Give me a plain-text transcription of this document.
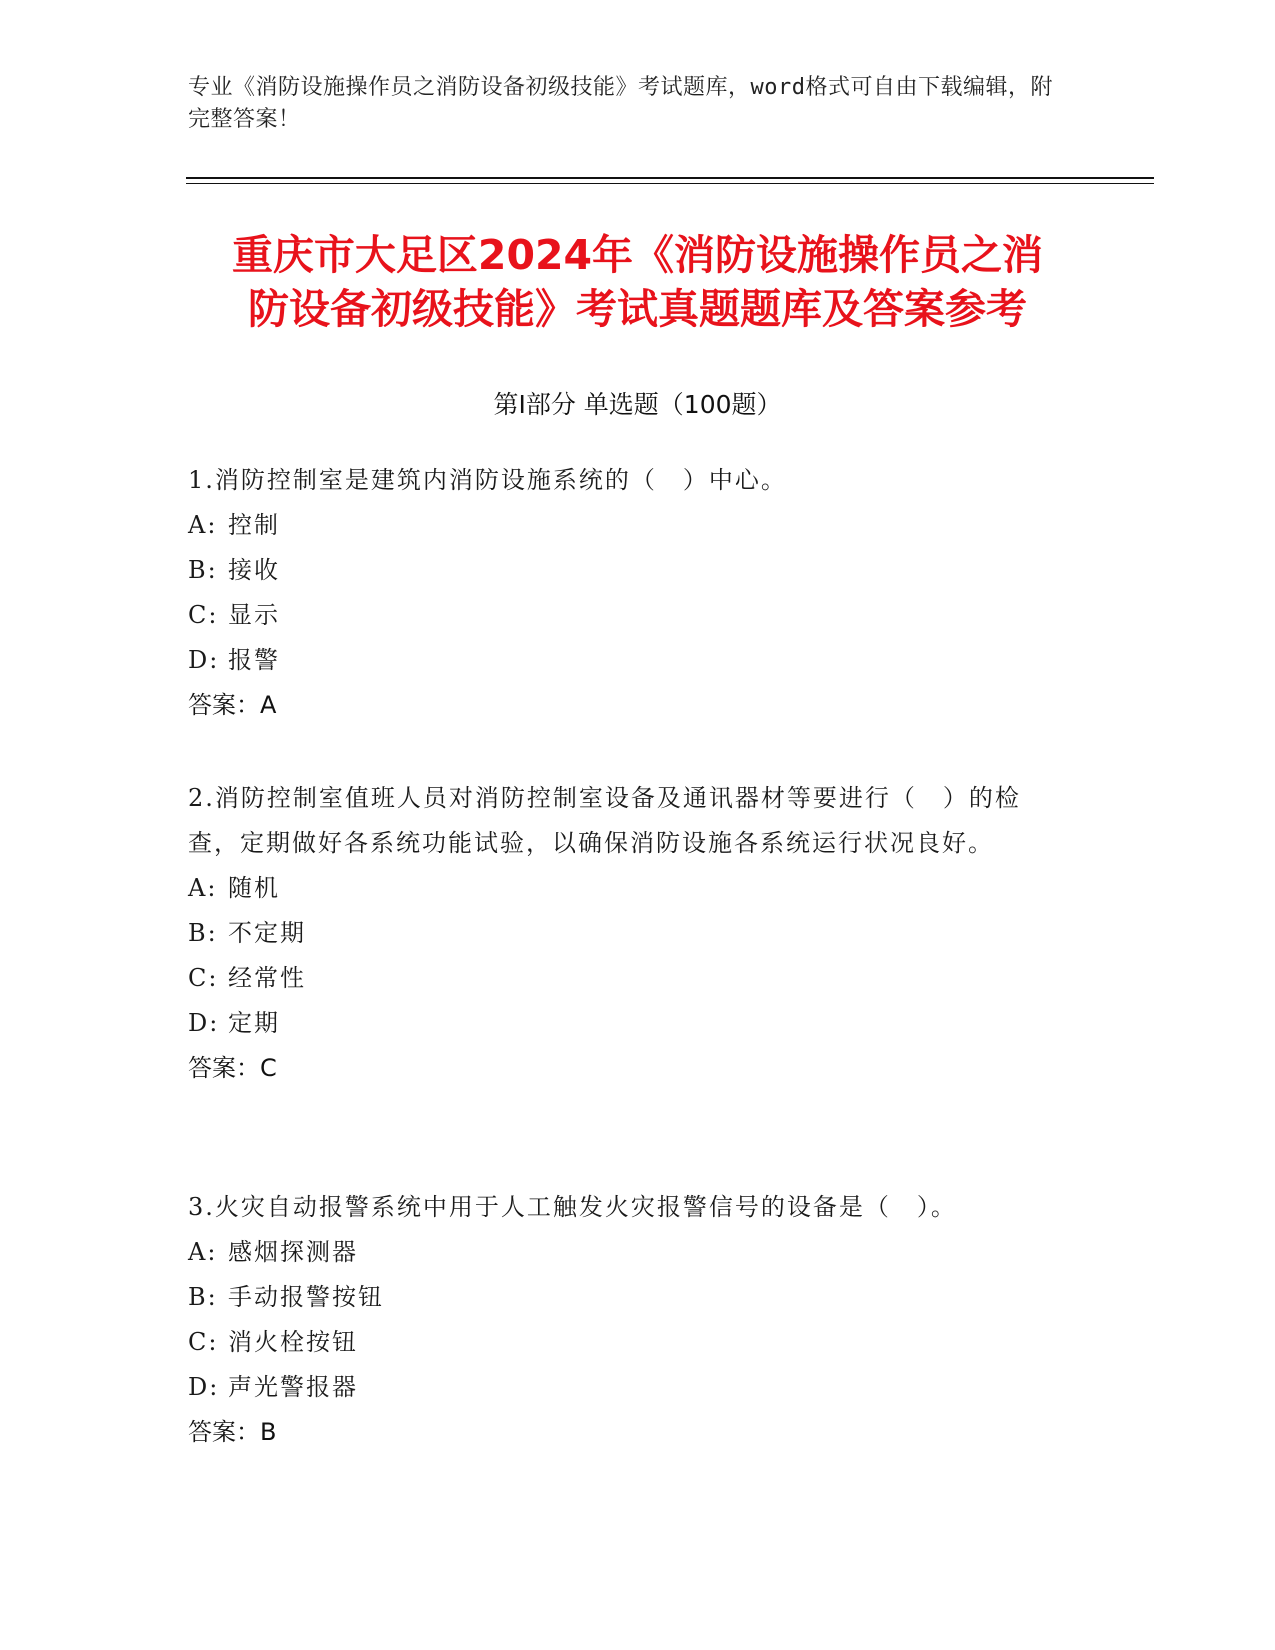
专业《消防设施操作员之消防设备初级技能》考试题库，word格式可自由下载编辑，附完整答案！
重庆市大足区2024年《消防设施操作员之消
防设备初级技能》考试真题题库及答案参考
第Ⅰ部分 单选题（100题）
1.消防控制室是建筑内消防设施系统的（　）中心。
A: 控制
B: 接收
C: 显示
D: 报警
答案：A
2.消防控制室值班人员对消防控制室设备及通讯器材等要进行（　）的检查，定期做好各系统功能试验，以确保消防设施各系统运行状况良好。
A: 随机
B: 不定期
C: 经常性
D: 定期
答案：C
3.火灾自动报警系统中用于人工触发火灾报警信号的设备是（　）。
A: 感烟探测器
B: 手动报警按钮
C: 消火栓按钮
D: 声光警报器
答案：B
